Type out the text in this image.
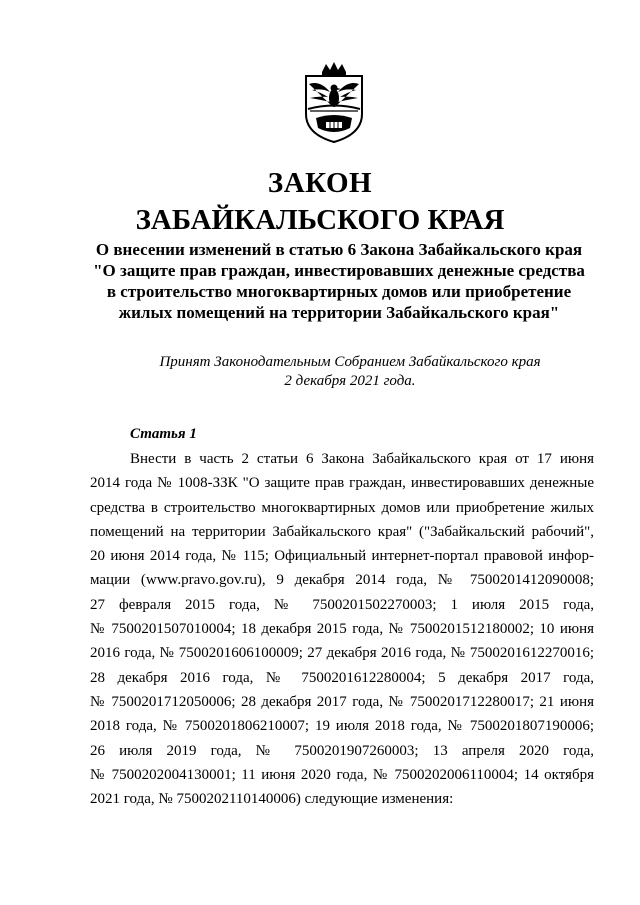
ЗАКОН
ЗАБАЙКАЛЬСКОГО КРАЯ
О внесении изменений в статью 6 Закона Забайкальского края
"О защите прав граждан, инвестировавших денежные средства
в строительство многоквартирных домов или приобретение
жилых помещений на территории Забайкальского края"
Принят Законодательным Собранием Забайкальского края
2 декабря 2021 года.
Статья 1
Внести в часть 2 статьи 6 Закона Забайкальского края от 17 июня
2014 года № 1008-ЗЗК "О защите прав граждан, инвестировавших денежные
средства в строительство многоквартирных домов или приобретение жилых
помещений на территории Забайкальского края" ("Забайкальский рабочий",
20 июня 2014 года, № 115; Официальный интернет-портал правовой инфор-
мации (www.pravo.gov.ru), 9 декабря 2014 года, № 7500201412090008;
27 февраля 2015 года, № 7500201502270003; 1 июля 2015 года,
№ 7500201507010004; 18 декабря 2015 года, № 7500201512180002; 10 июня
2016 года, № 7500201606100009; 27 декабря 2016 года, № 7500201612270016;
28 декабря 2016 года, № 7500201612280004; 5 декабря 2017 года,
№ 7500201712050006; 28 декабря 2017 года, № 7500201712280017; 21 июня
2018 года, № 7500201806210007; 19 июля 2018 года, № 7500201807190006;
26 июля 2019 года, № 7500201907260003; 13 апреля 2020 года,
№ 7500202004130001; 11 июня 2020 года, № 7500202006110004; 14 октября
2021 года, № 7500202110140006) следующие изменения:
